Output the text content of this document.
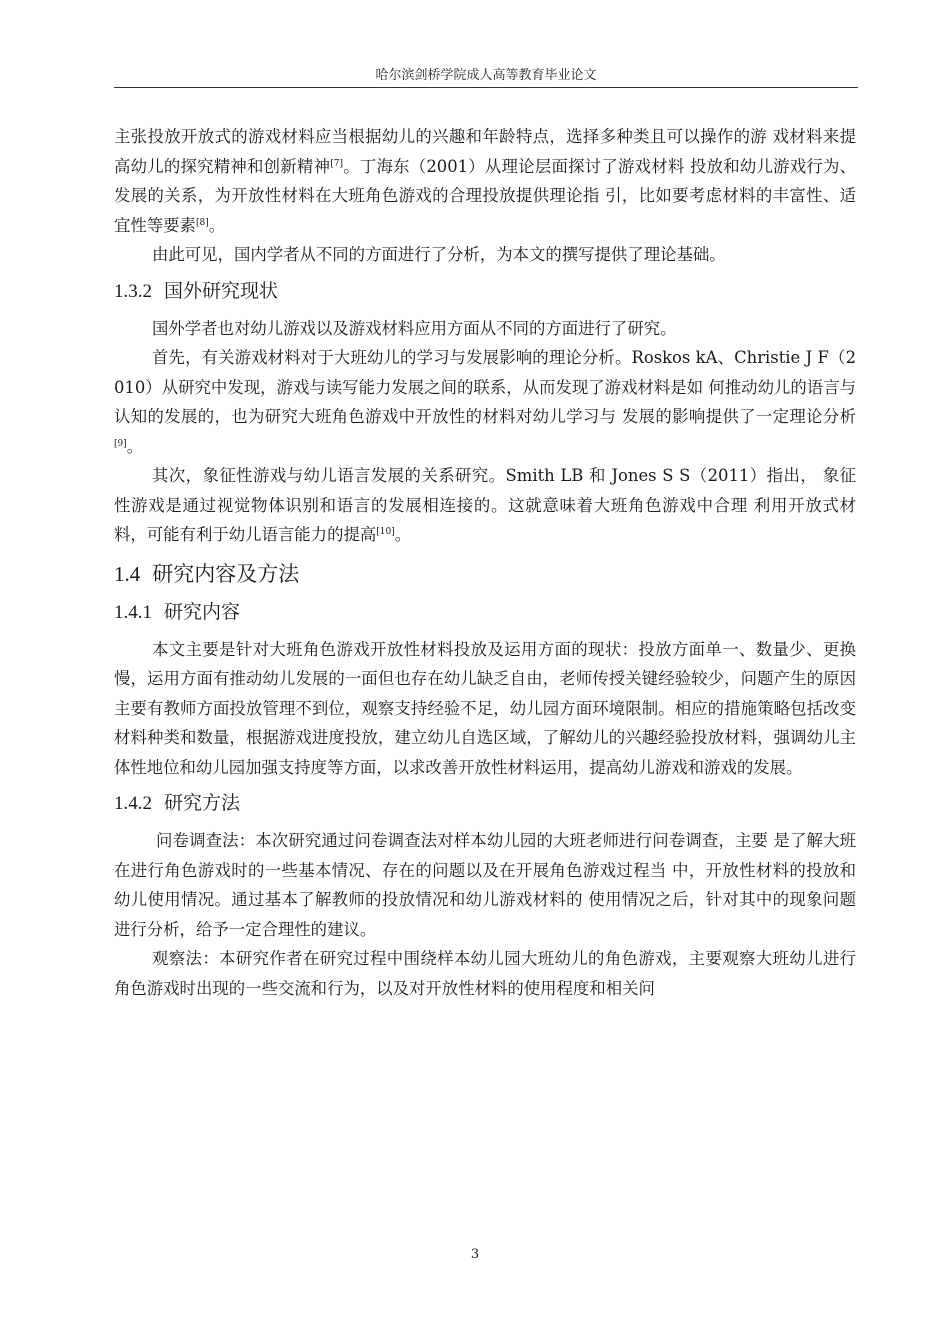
哈尔滨剑桥学院成人高等教育毕业论文

主张投放开放式的游戏材料应当根据幼儿的兴趣和年龄特点，选择多种类且可以操作的游 戏材料来提高幼儿的探究精神和创新精神[7]。丁海东（2001）从理论层面探讨了游戏材料 投放和幼儿游戏行为、发展的关系，为开放性材料在大班角色游戏的合理投放提供理论指 引，比如要考虑材料的丰富性、适宜性等要素[8]。

由此可见，国内学者从不同的方面进行了分析，为本文的撰写提供了理论基础。

1.3.2 国外研究现状

国外学者也对幼儿游戏以及游戏材料应用方面从不同的方面进行了研究。

首先，有关游戏材料对于大班幼儿的学习与发展影响的理论分析。Roskos kA、Christie J F（2010）从研究中发现，游戏与读写能力发展之间的联系，从而发现了游戏材料是如 何推动幼儿的语言与认知的发展的，也为研究大班角色游戏中开放性的材料对幼儿学习与 发展的影响提供了一定理论分析[9]。

其次，象征性游戏与幼儿语言发展的关系研究。Smith LB 和 Jones S S（2011）指出， 象征性游戏是通过视觉物体识别和语言的发展相连接的。这就意味着大班角色游戏中合理 利用开放式材料，可能有利于幼儿语言能力的提高[10]。

1.4 研究内容及方法
1.4.1 研究内容

本文主要是针对大班角色游戏开放性材料投放及运用方面的现状：投放方面单一、数量少、更换慢，运用方面有推动幼儿发展的一面但也存在幼儿缺乏自由，老师传授关键经验较少，问题产生的原因主要有教师方面投放管理不到位，观察支持经验不足，幼儿园方面环境限制。相应的措施策略包括改变材料种类和数量，根据游戏进度投放，建立幼儿自选区域，了解幼儿的兴趣经验投放材料，强调幼儿主体性地位和幼儿园加强支持度等方面，以求改善开放性材料运用，提高幼儿游戏和游戏的发展。

1.4.2 研究方法

问卷调查法：本次研究通过问卷调查法对样本幼儿园的大班老师进行问卷调查，主要 是了解大班在进行角色游戏时的一些基本情况、存在的问题以及在开展角色游戏过程当 中，开放性材料的投放和幼儿使用情况。通过基本了解教师的投放情况和幼儿游戏材料的 使用情况之后，针对其中的现象问题进行分析，给予一定合理性的建议。

观察法：本研究作者在研究过程中围绕样本幼儿园大班幼儿的角色游戏，主要观察大班幼儿进行角色游戏时出现的一些交流和行为，以及对开放性材料的使用程度和相关问

3
